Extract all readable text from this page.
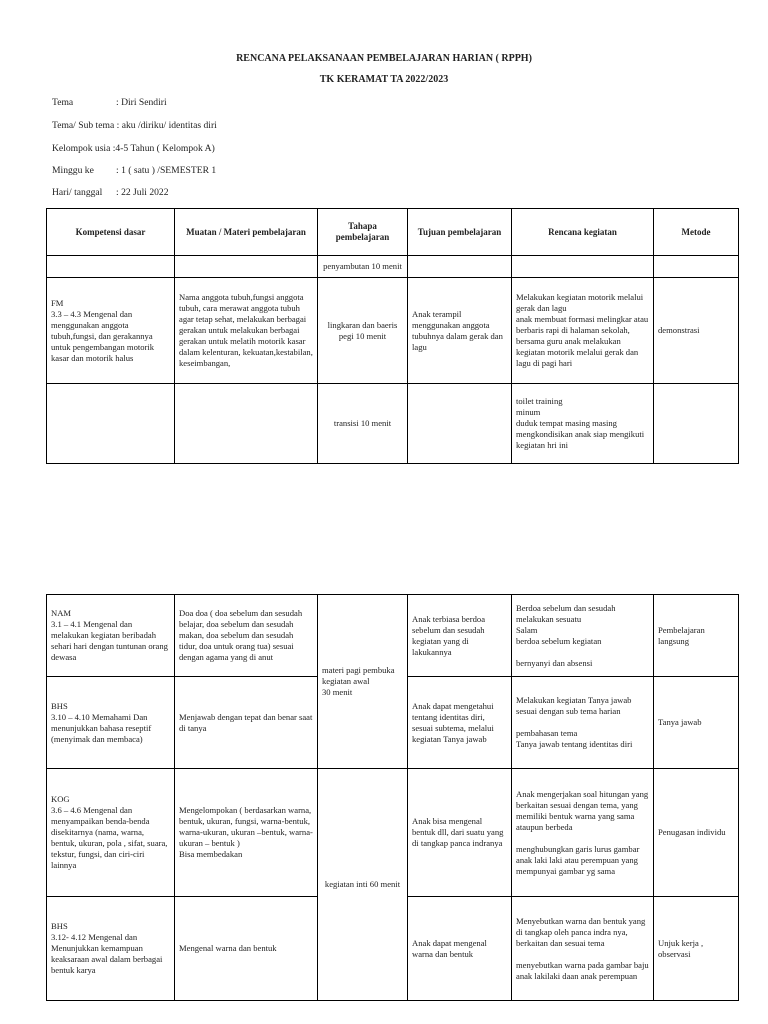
RENCANA PELAKSANAAN PEMBELAJARAN HARIAN ( RPPH)
TK KERAMAT TA 2022/2023
Tema	: Diri Sendiri
Tema/ Sub tema : aku /diriku/ identitas diri
Kelompok usia :4-5 Tahun ( Kelompok A)
Minggu ke : 1 ( satu ) /SEMESTER 1
Hari/ tanggal : 22 Juli 2022
Kompetensi dasar	Muatan / Materi pembelajaran	Tahapa pembelajaran	Tujuan pembelajaran	Rencana kegiatan	Metode
		penyambutan 10 menit			
FM
3.3 – 4.3 Mengenal dan menggunakan anggota tubuh,fungsi, dan gerakannya untuk pengembangan motorik kasar dan motorik halus	Nama anggota tubuh,fungsi anggota tubuh, cara merawat anggota tubuh agar tetap sehat, melakukan berbagai gerakan untuk melakukan berbagai gerakan untuk melatih motorik kasar dalam kelenturan, kekuatan,kestabilan, keseimbangan,	lingkaran dan baeris pegi 10 menit	Anak terampil menggunakan anggota tubuhnya dalam gerak dan lagu	Melakukan kegiatan motorik melalui gerak dan lagu
anak membuat formasi melingkar atau berbaris rapi di halaman sekolah, bersama guru anak melakukan kegiatan motorik melalui gerak dan lagu di pagi hari	demonstrasi
		transisi 10 menit		toilet training
minum
duduk tempat masing masing
mengkondisikan anak siap mengikuti kegiatan hri ini	
NAM
3.1 – 4.1 Mengenal dan melakukan kegiatan beribadah sehari hari dengan tuntunan orang dewasa	Doa doa ( doa sebelum dan sesudah belajar, doa sebelum dan sesudah makan, doa sebelum dan sesudah tidur, doa untuk orang tua) sesuai dengan agama yang di anut	materi pagi pembuka kegiatan awal
30 menit	Anak terbiasa berdoa sebelum dan sesudah kegiatan yang di lakukannya	Berdoa sebelum dan sesudah melakukan sesuatu
Salam
berdoa sebelum kegiatan

bernyanyi dan absensi	Pembelajaran langsung
BHS
3.10 – 4.10 Memahami Dan menunjukkan bahasa reseptif (menyimak dan membaca)	Menjawab dengan tepat dan benar saat di tanya		Anak dapat mengetahui tentang identitas diri, sesuai subtema, melalui kegiatan Tanya jawab	Melakukan kegiatan Tanya jawab sesuai dengan sub tema harian

pembahasan tema
Tanya jawab tentang identitas diri	Tanya jawab
KOG
3.6 – 4.6 Mengenal dan menyampaikan benda-benda disekitarnya (nama, warna, bentuk, ukuran, pola , sifat, suara, tekstur, fungsi, dan ciri-ciri lainnya	Mengelompokan ( berdasarkan warna, bentuk, ukuran, fungsi, warna-bentuk, warna-ukuran, ukuran –bentuk, warna-ukuran – bentuk )
Bisa membedakan	kegiatan inti 60 menit	Anak bisa mengenal bentuk dll, dari suatu yang di tangkap panca indranya	Anak mengerjakan soal hitungan yang berkaitan sesuai dengan tema, yang memiliki bentuk warna yang sama ataupun berbeda

menghubungkan garis lurus gambar anak laki laki atau perempuan yang mempunyai gambar yg sama	Penugasan individu
BHS
3.12- 4.12 Mengenal dan Menunjukkan kemampuan keaksaraan awal dalam berbagai bentuk karya	Mengenal warna dan bentuk		Anak dapat mengenal warna dan bentuk	Menyebutkan warna dan bentuk yang di tangkap oleh panca indra nya, berkaitan dan sesuai tema

menyebutkan warna pada gambar baju anak lakilaki daan anak perempuan	Unjuk kerja , observasi
